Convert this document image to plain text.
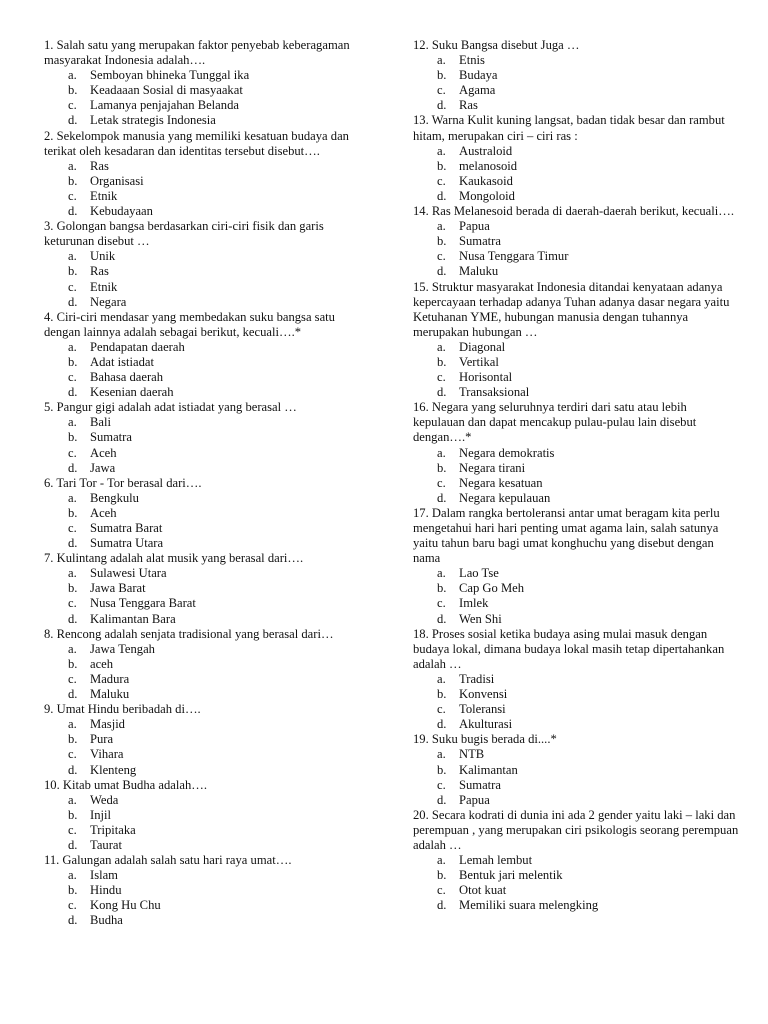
1. Salah satu yang merupakan faktor penyebab keberagaman masyarakat Indonesia adalah….
a. Semboyan bhineka Tunggal ika
b. Keadaaan Sosial di masyaakat
c. Lamanya penjajahan Belanda
d. Letak strategis Indonesia
2. Sekelompok manusia yang memiliki kesatuan budaya dan terikat oleh kesadaran dan identitas tersebut disebut….
a. Ras
b. Organisasi
c. Etnik
d. Kebudayaan
3. Golongan bangsa berdasarkan ciri-ciri fisik dan garis keturunan disebut …
a. Unik
b. Ras
c. Etnik
d. Negara
4. Ciri-ciri mendasar yang membedakan suku bangsa satu dengan lainnya adalah sebagai berikut, kecuali….*
a. Pendapatan daerah
b. Adat istiadat
c. Bahasa daerah
d. Kesenian daerah
5. Pangur gigi adalah adat istiadat yang berasal …
a. Bali
b. Sumatra
c. Aceh
d. Jawa
6. Tari Tor - Tor berasal dari….
a. Bengkulu
b. Aceh
c. Sumatra Barat
d. Sumatra Utara
7. Kulintang adalah alat musik yang berasal dari….
a. Sulawesi Utara
b. Jawa Barat
c. Nusa Tenggara Barat
d. Kalimantan Bara
8. Rencong adalah senjata tradisional yang berasal dari…
a. Jawa Tengah
b. aceh
c. Madura
d. Maluku
9. Umat Hindu beribadah di….
a. Masjid
b. Pura
c. Vihara
d. Klenteng
10. Kitab umat Budha adalah….
a. Weda
b. Injil
c. Tripitaka
d. Taurat
11. Galungan adalah salah satu hari raya umat….
a. Islam
b. Hindu
c. Kong Hu Chu
d. Budha
12. Suku Bangsa disebut Juga …
a. Etnis
b. Budaya
c. Agama
d. Ras
13. Warna Kulit kuning langsat, badan tidak besar dan rambut hitam, merupakan ciri – ciri ras :
a. Australoid
b. melanosoid
c. Kaukasoid
d. Mongoloid
14. Ras Melanesoid berada di daerah-daerah berikut, kecuali….
a. Papua
b. Sumatra
c. Nusa Tenggara Timur
d. Maluku
15. Struktur masyarakat Indonesia ditandai kenyataan adanya kepercayaan terhadap adanya Tuhan adanya dasar negara yaitu Ketuhanan YME, hubungan manusia dengan tuhannya merupakan hubungan …
a. Diagonal
b. Vertikal
c. Horisontal
d. Transaksional
16. Negara yang seluruhnya terdiri dari satu atau lebih kepulauan dan dapat mencakup pulau-pulau lain disebut dengan….*
a. Negara demokratis
b. Negara tirani
c. Negara kesatuan
d. Negara kepulauan
17. Dalam rangka bertoleransi antar umat beragam kita perlu mengetahui hari hari penting umat agama lain, salah satunya yaitu tahun baru bagi umat konghuchu yang disebut dengan nama
a. Lao Tse
b. Cap Go Meh
c. Imlek
d. Wen Shi
18. Proses sosial ketika budaya asing mulai masuk dengan budaya lokal, dimana budaya lokal masih tetap dipertahankan adalah …
a. Tradisi
b. Konvensi
c. Toleransi
d. Akulturasi
19. Suku bugis berada di....*
a. NTB
b. Kalimantan
c. Sumatra
d. Papua
20. Secara kodrati di dunia ini ada 2 gender yaitu laki – laki dan perempuan , yang merupakan ciri psikologis seorang perempuan adalah …
a. Lemah lembut
b. Bentuk jari melentik
c. Otot kuat
d. Memiliki suara melengking
